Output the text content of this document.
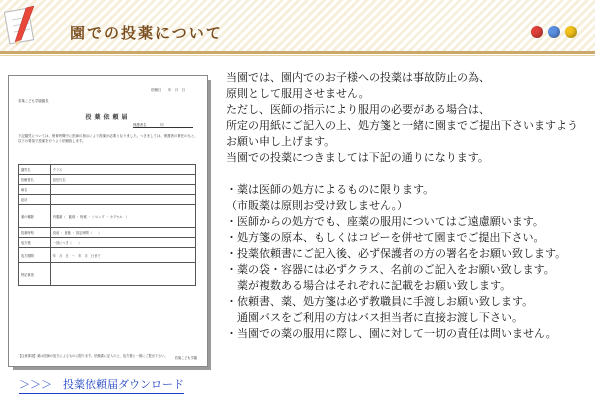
園での投薬について
依頼日　　年　月　日
若葉こども学園園長
投薬依頼届
保護者名　　　　印
下記園児については、保育時間中に医師の指示により投薬が必要となりました。つきましては、保護者の責任のもと、以下の要領で投薬を行うよう依頼致します。
園児名	クラス
依頼者名	担任氏名
病名	
症状	
薬の種類	内服薬（　錠剤 ・ 粉薬 ・ シロップ ・ カプセル　）
投薬時刻	食前 ・ 食後 ・ 指定時間（　　）
処方箋	一回につき（　　）
処方期間	年　月　日　〜　年　月　日まで
特記事項	
【注意事項】薬は医師の処方によるものに限ります。依頼書に記入の上、処方箋と一緒にご提出下さい。	若葉こども学園

当園では、園内でのお子様への投薬は事故防止の為、

原則として服用させません。

ただし、医師の指示により服用の必要がある場合は、

所定の用紙にご記入の上、処方箋と一緒に園までご提出下さいますよう

お願い申し上げます。

当園での投薬につきましては下記の通りになります。

・薬は医師の処方によるものに限ります。

（市販薬は原則お受け致しません。）

・医師からの処方でも、座薬の服用についてはご遠慮願います。

・処方箋の原本、もしくはコピーを併せて園までご提出下さい。

・投薬依頼書にご記入後、必ず保護者の方の署名をお願い致します。

・薬の袋・容器には必ずクラス、名前のご記入をお願い致します。

　薬が複数ある場合はそれぞれに記載をお願い致します。

・依頼書、薬、処方箋は必ず教職員に手渡しお願い致します。

　通園バスをご利用の方はバス担当者に直接お渡し下さい。

・当園での薬の服用に際し、園に対して一切の責任は問いません。

＞＞＞　投薬依頼届ダウンロード
